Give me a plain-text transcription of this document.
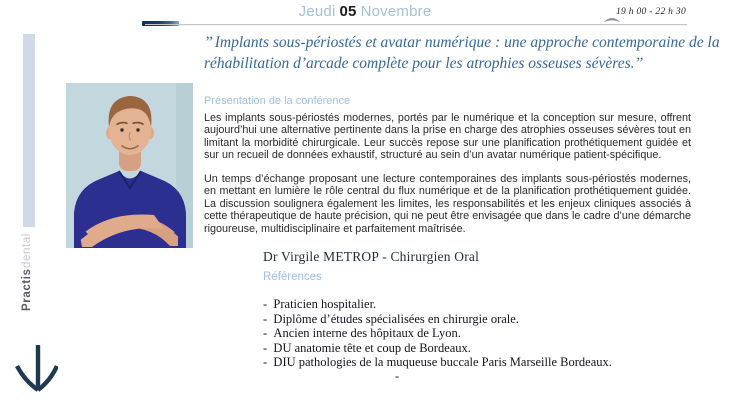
Jeudi 05 Novembre	19 h 00 - 22 h 30
’’ Implants sous-périostés et avatar numérique : une approche contemporaine de la réhabilitation d’arcade complète pour les atrophies osseuses sévères.’’
Practis
dental
Présentation de la conférence

Les implants sous-périostés modernes, portés par le numérique et la conception sur mesure, offrent aujourd’hui une alternative pertinente dans la prise en charge des atrophies osseuses sévères tout en limitant la morbidité chirurgicale. Leur succès repose sur une planification prothétiquement guidée et sur un recueil de données exhaustif, structuré au sein d’un avatar numérique patient-spécifique.

Un temps d’échange proposant une lecture contemporaines des implants sous-périostés modernes, en mettant en lumière le rôle central du flux numérique et de la planification prothétiquement guidée. La discussion soulignera également les limites, les responsabilités et les enjeux cliniques associés à cette thérapeutique de haute précision, qui ne peut être envisagée que dans le cadre d’une démarche rigoureuse, multidisciplinaire et parfaitement maîtrisée.

Dr Virgile METROP - Chirurgien Oral
Références
-  Praticien hospitalier.
-  Diplôme d’études spécialisées en chirurgie orale.
-  Ancien interne des hôpitaux de Lyon.
-  DU anatomie tête et coup de Bordeaux.
-  DIU pathologies de la muqueuse buccale Paris Marseille Bordeaux.
-
